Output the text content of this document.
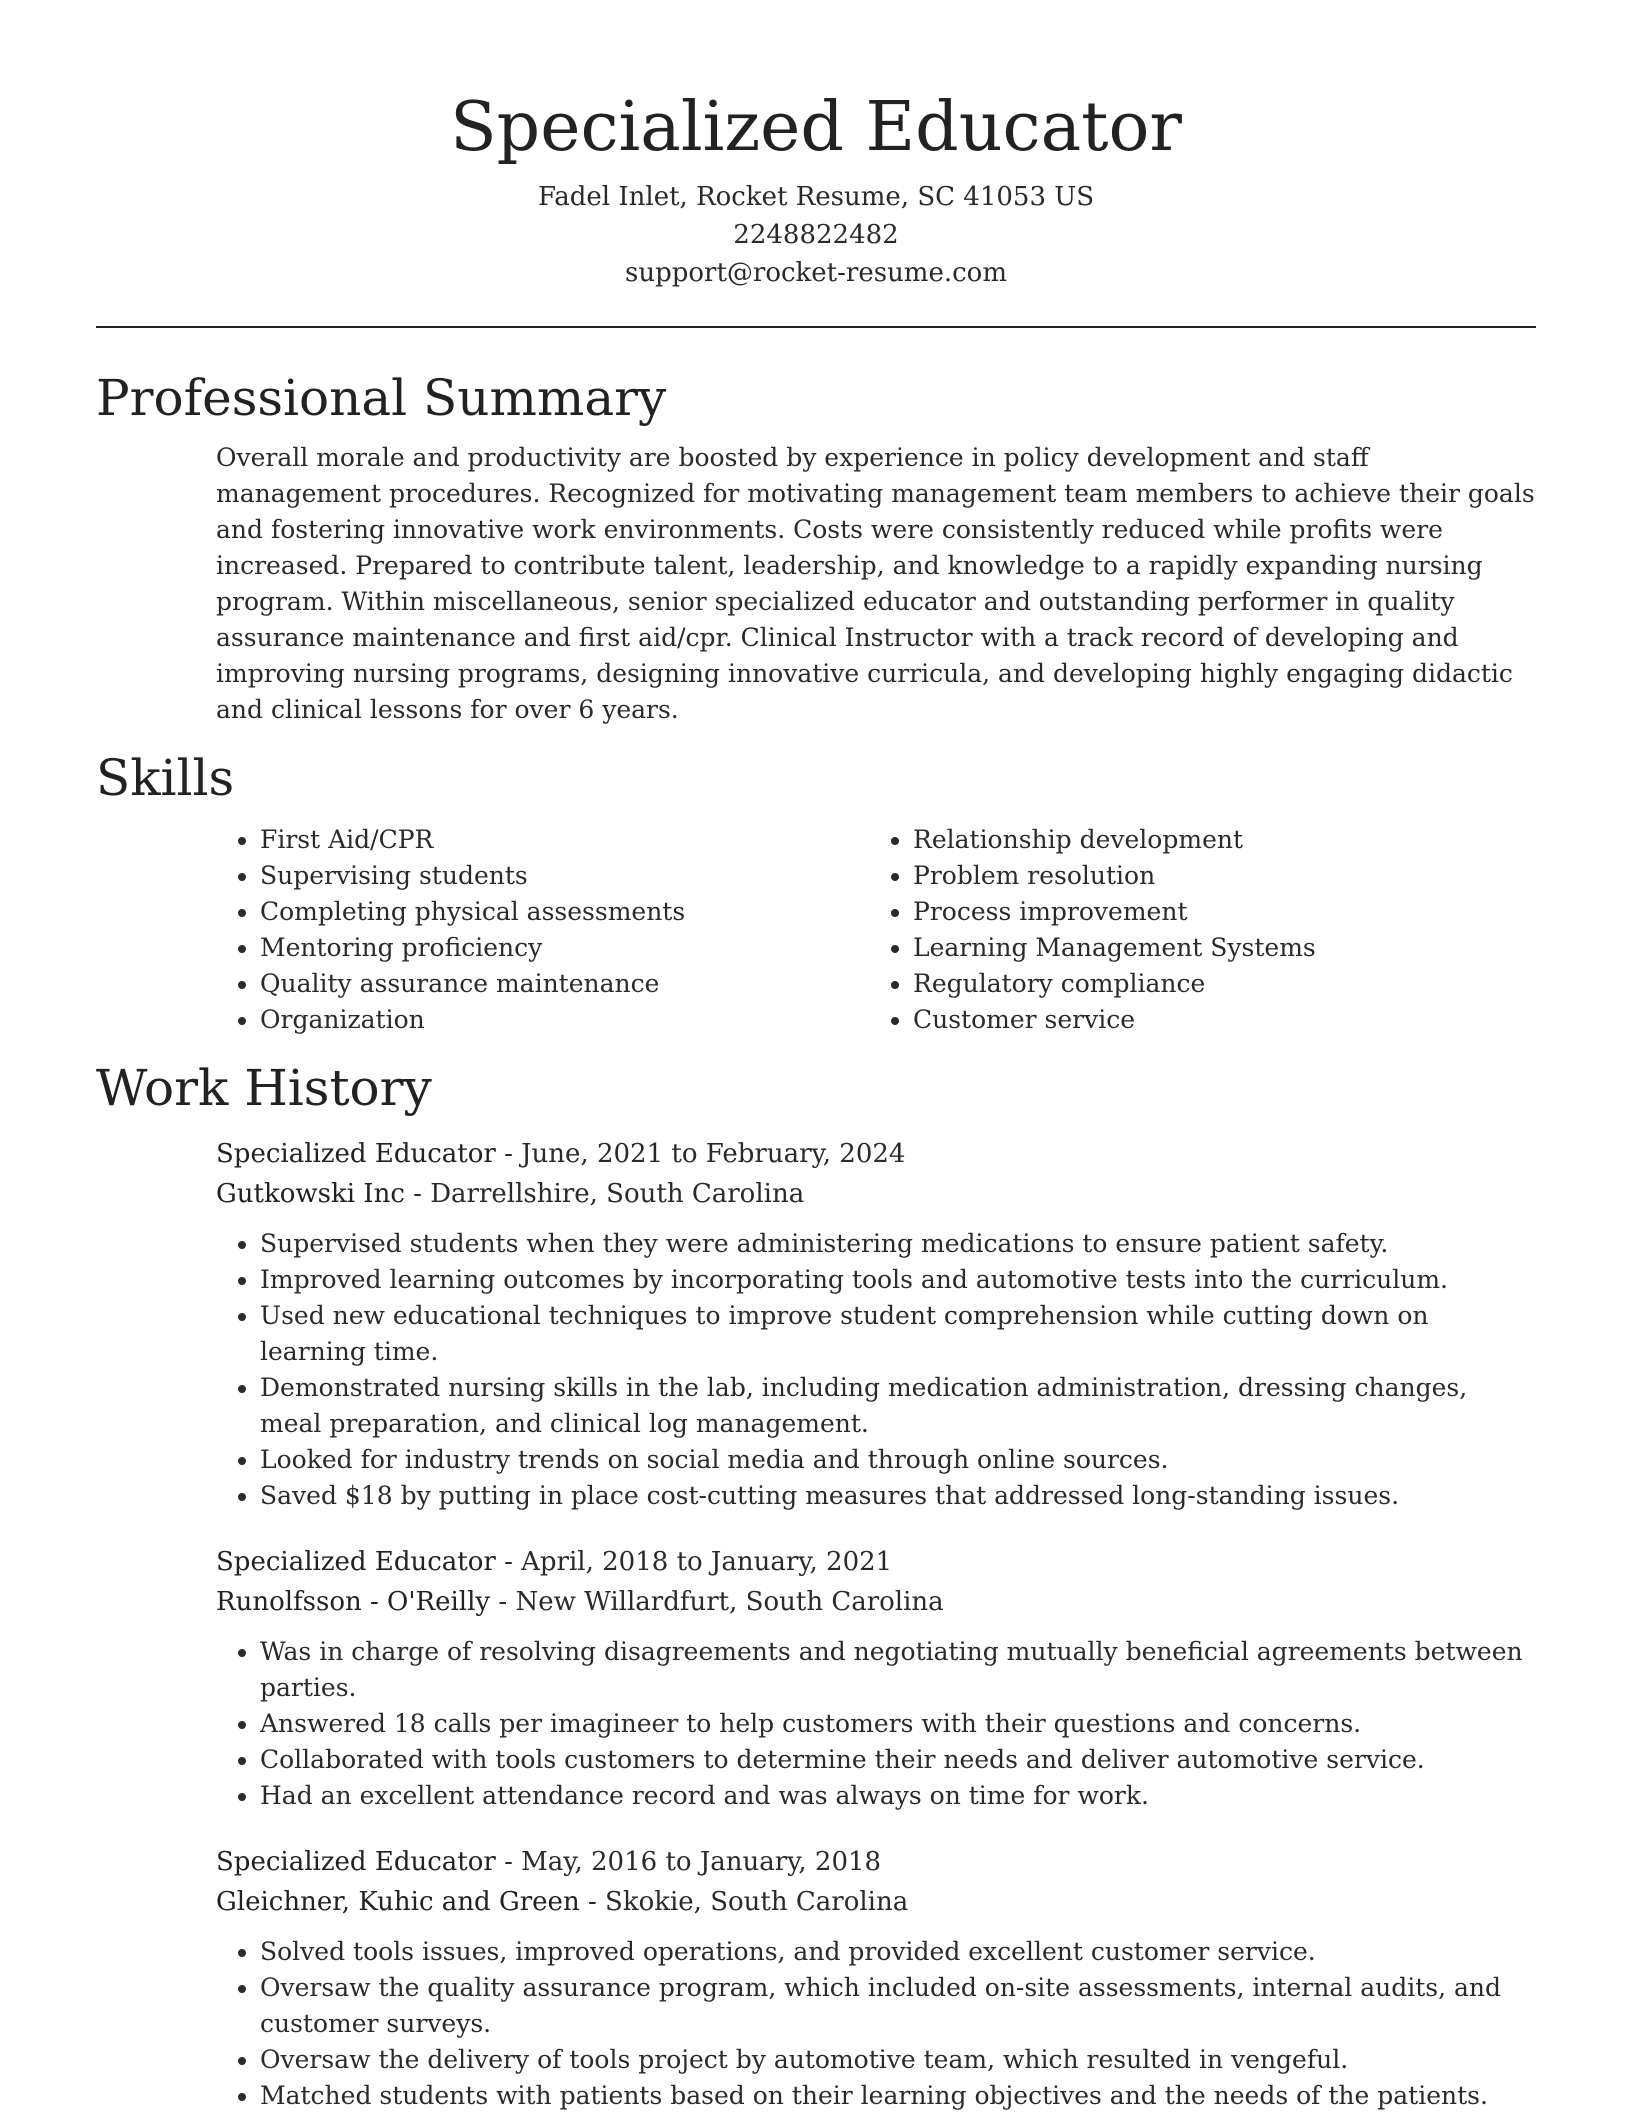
Specialized Educator

Fadel Inlet, Rocket Resume, SC 41053 US

2248822482

support@rocket-resume.com

Professional Summary

Overall morale and productivity are boosted by experience in policy development and staff management procedures. Recognized for motivating management team members to achieve their goals and fostering innovative work environments. Costs were consistently reduced while profits were increased. Prepared to contribute talent, leadership, and knowledge to a rapidly expanding nursing program. Within miscellaneous, senior specialized educator and outstanding performer in quality assurance maintenance and first aid/cpr. Clinical Instructor with a track record of developing and improving nursing programs, designing innovative curricula, and developing highly engaging didactic and clinical lessons for over 6 years.

Skills
• First Aid/CPR
• Supervising students
• Completing physical assessments
• Mentoring proficiency
• Quality assurance maintenance
• Organization
• Relationship development
• Problem resolution
• Process improvement
• Learning Management Systems
• Regulatory compliance
• Customer service
Work History

Specialized Educator - June, 2021 to February, 2024

Gutkowski Inc - Darrellshire, South Carolina

• Supervised students when they were administering medications to ensure patient safety.
• Improved learning outcomes by incorporating tools and automotive tests into the curriculum.
• Used new educational techniques to improve student comprehension while cutting down on learning time.
• Demonstrated nursing skills in the lab, including medication administration, dressing changes, meal preparation, and clinical log management.
• Looked for industry trends on social media and through online sources.
• Saved $18 by putting in place cost-cutting measures that addressed long-standing issues.

Specialized Educator - April, 2018 to January, 2021

Runolfsson - O'Reilly - New Willardfurt, South Carolina

• Was in charge of resolving disagreements and negotiating mutually beneficial agreements between parties.
• Answered 18 calls per imagineer to help customers with their questions and concerns.
• Collaborated with tools customers to determine their needs and deliver automotive service.
• Had an excellent attendance record and was always on time for work.

Specialized Educator - May, 2016 to January, 2018

Gleichner, Kuhic and Green - Skokie, South Carolina

• Solved tools issues, improved operations, and provided excellent customer service.
• Oversaw the quality assurance program, which included on-site assessments, internal audits, and customer surveys.
• Oversaw the delivery of tools project by automotive team, which resulted in vengeful.
• Matched students with patients based on their learning objectives and the needs of the patients.
